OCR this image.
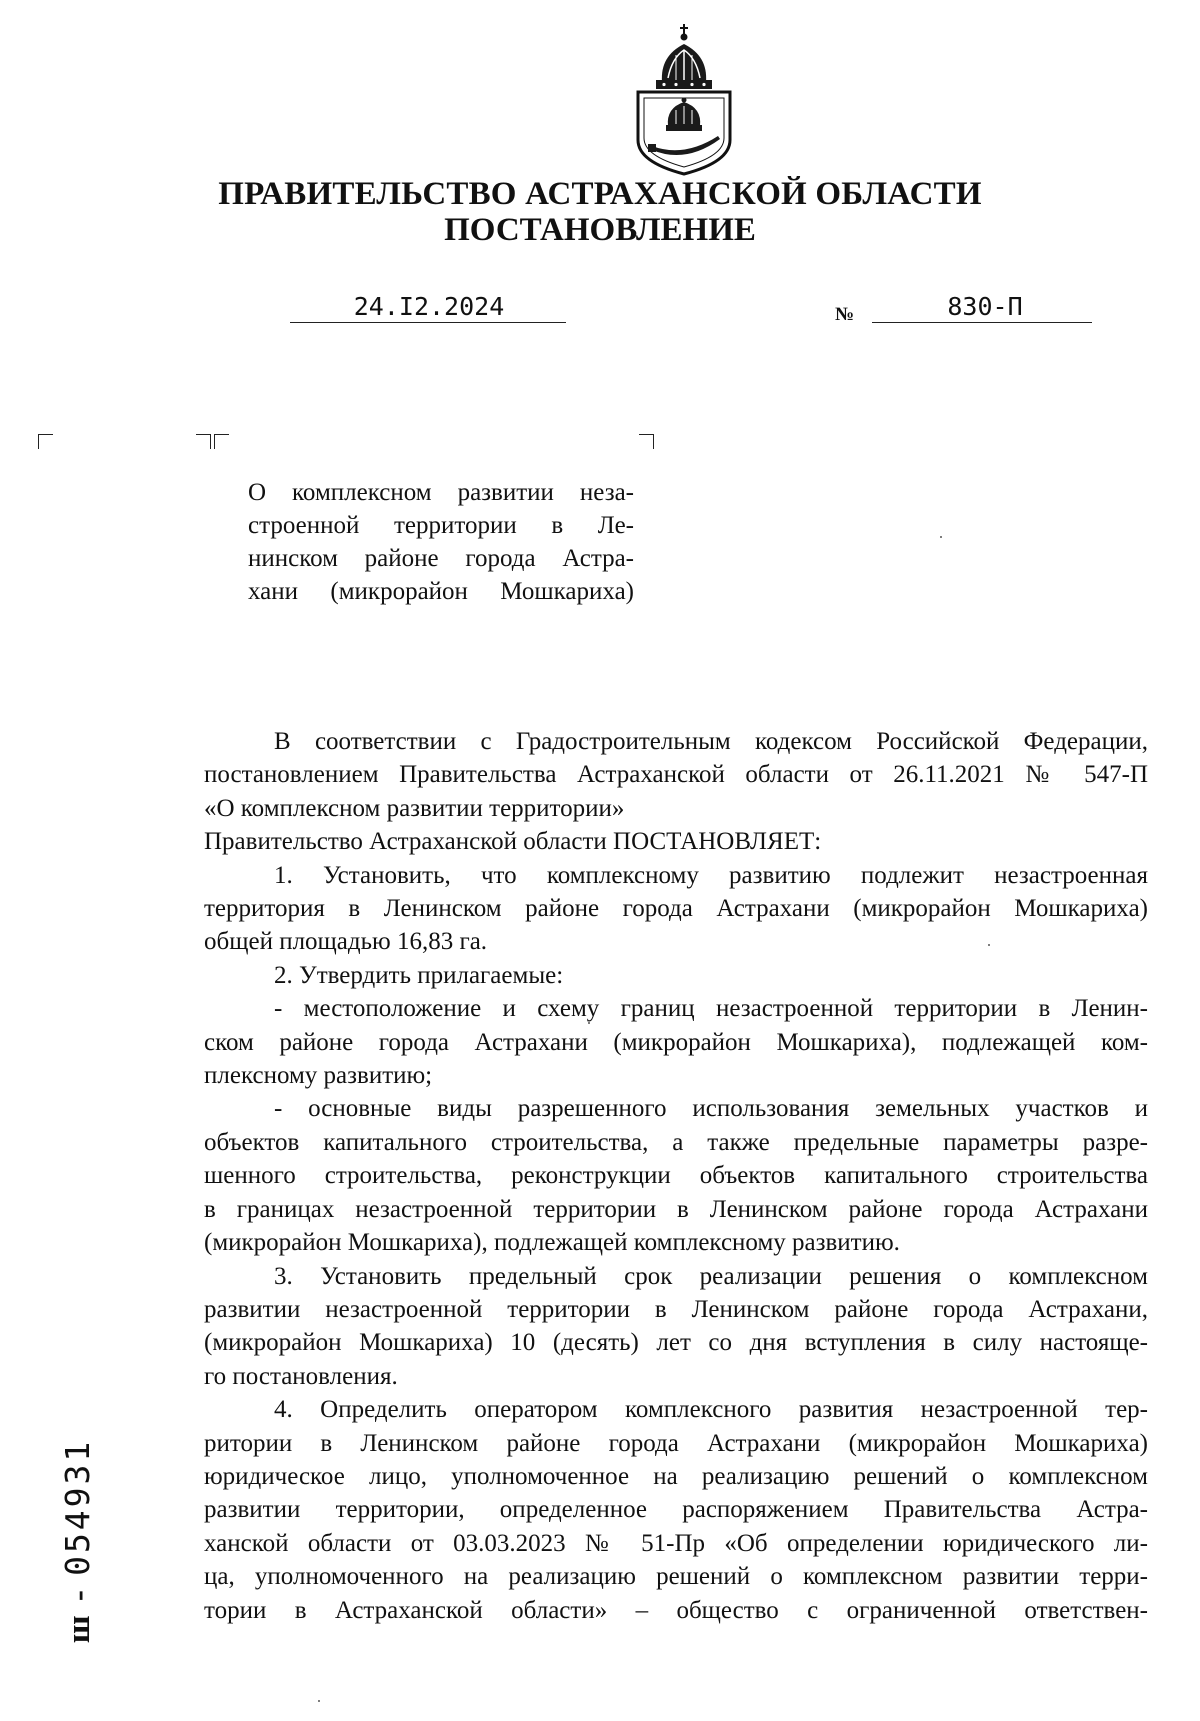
ПРАВИТЕЛЬСТВО АСТРАХАНСКОЙ ОБЛАСТИ
ПОСТАНОВЛЕНИЕ
24.I2.2024	№	830-П
О комплексном развитии неза-
строенной территории в Ле-
нинском районе города Астра-
хани (микрорайон Мошкариха)
В соответствии с Градостроительным кодексом Российской Федерации,
постановлением Правительства Астраханской области от 26.11.2021 № 547-П
«О комплексном развитии территории»
Правительство Астраханской области ПОСТАНОВЛЯЕТ:
1. Установить, что комплексному развитию подлежит незастроенная
территория в Ленинском районе города Астрахани (микрорайон Мошкариха)
общей площадью 16,83 га.
2. Утвердить прилагаемые:
- местоположение и схему границ незастроенной территории в Ленин-
ском районе города Астрахани (микрорайон Мошкариха), подлежащей ком-
плексному развитию;
- основные виды разрешенного использования земельных участков и
объектов капитального строительства, а также предельные параметры разре-
шенного строительства, реконструкции объектов капитального строительства
в границах незастроенной территории в Ленинском районе города Астрахани
(микрорайон Мошкариха), подлежащей комплексному развитию.
3. Установить предельный срок реализации решения о комплексном
развитии незастроенной территории в Ленинском районе города Астрахани,
(микрорайон Мошкариха) 10 (десять) лет со дня вступления в силу настояще-
го постановления.
4. Определить оператором комплексного развития незастроенной тер-
ритории в Ленинском районе города Астрахани (микрорайон Мошкариха)
юридическое лицо, уполномоченное на реализацию решений о комплексном
развитии территории, определенное распоряжением Правительства Астра-
ханской области от 03.03.2023 № 51-Пр «Об определении юридического ли-
ца, уполномоченного на реализацию решений о комплексном развитии терри-
тории в Астраханской области» – общество с ограниченной ответствен-
ш - 054931
